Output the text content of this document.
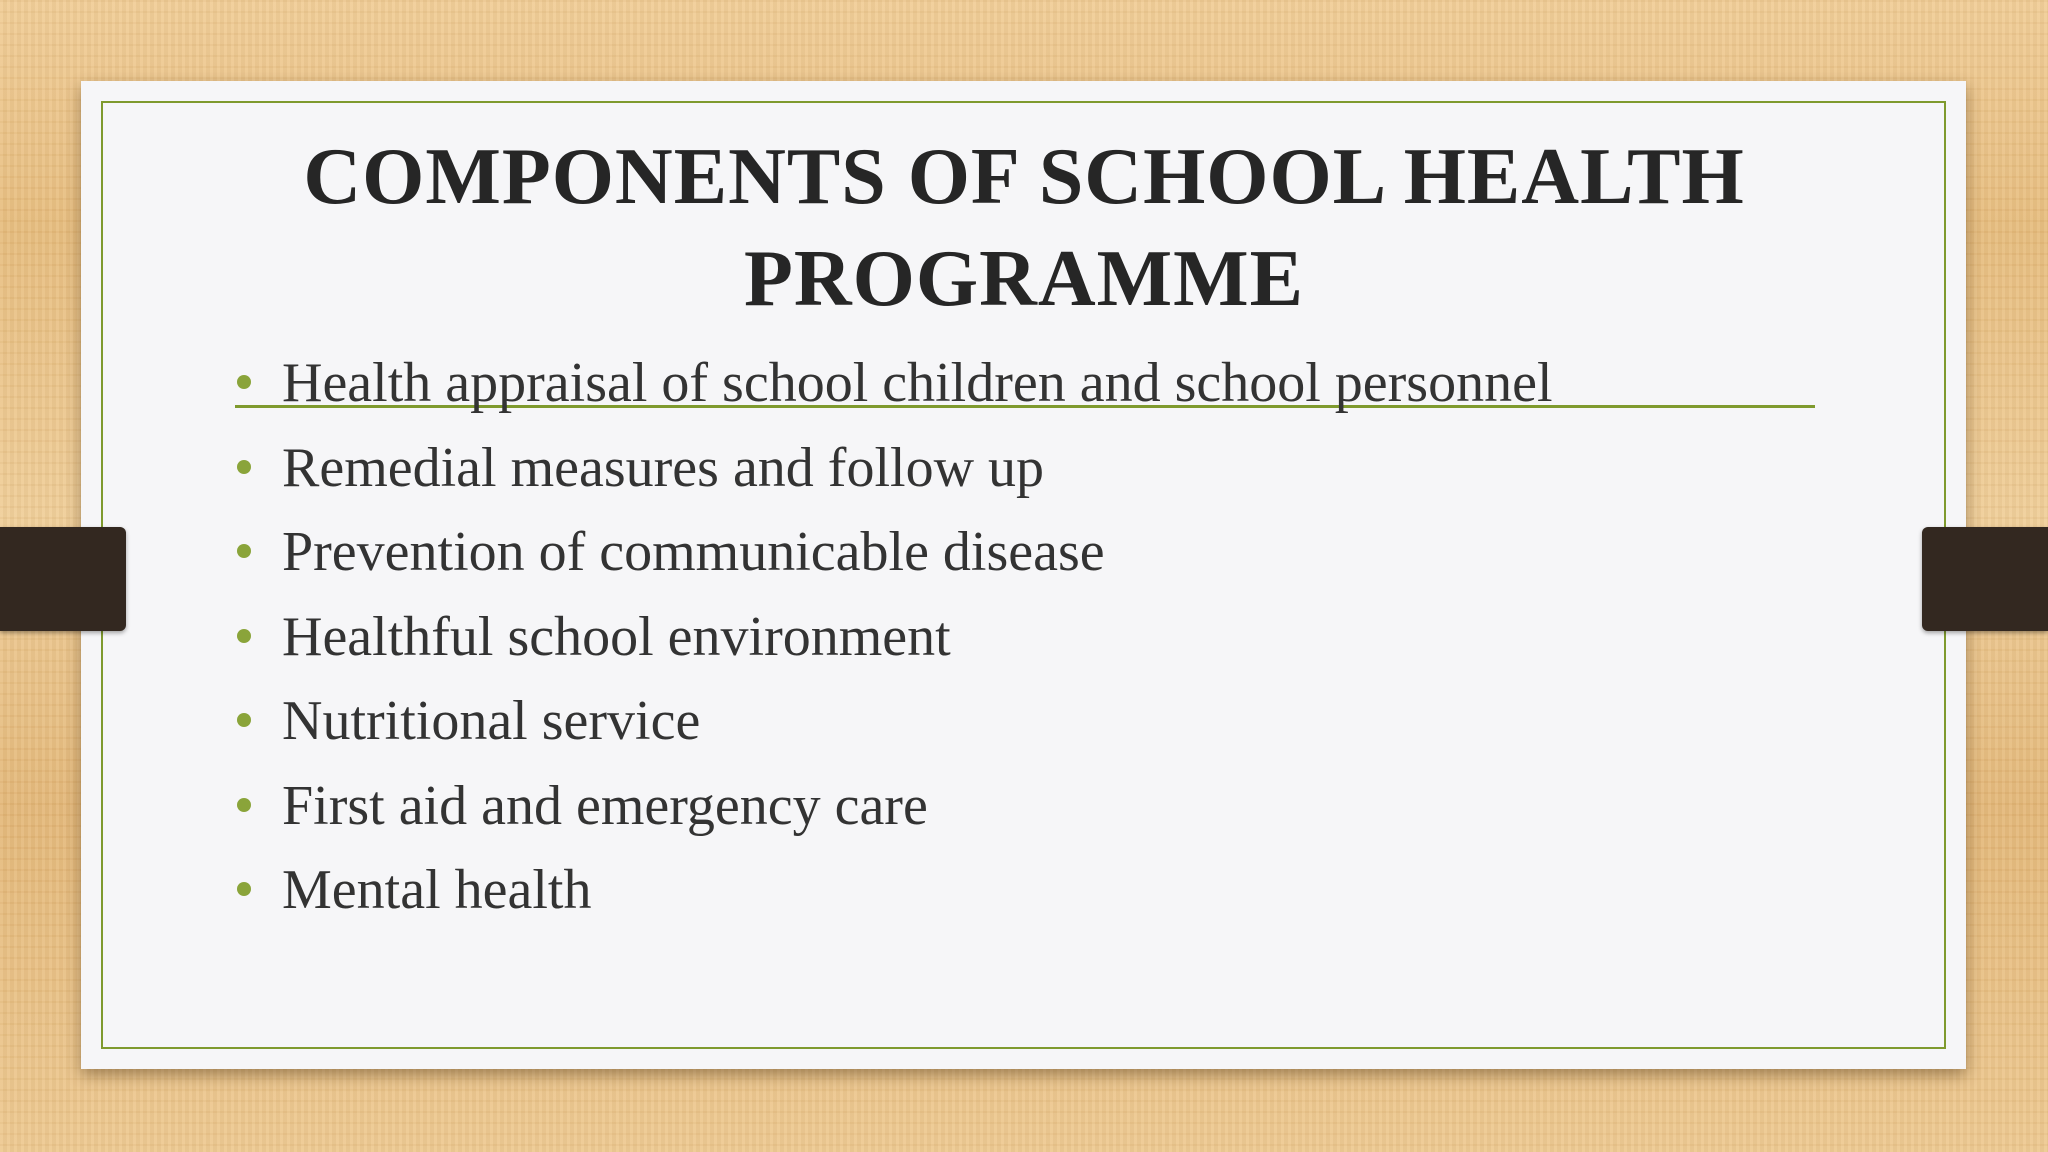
COMPONENTS OF SCHOOL HEALTH PROGRAMME
Health appraisal of school children and school personnel
Remedial measures and follow up
Prevention of communicable disease
Healthful school environment
Nutritional service
First aid and emergency care
Mental health
